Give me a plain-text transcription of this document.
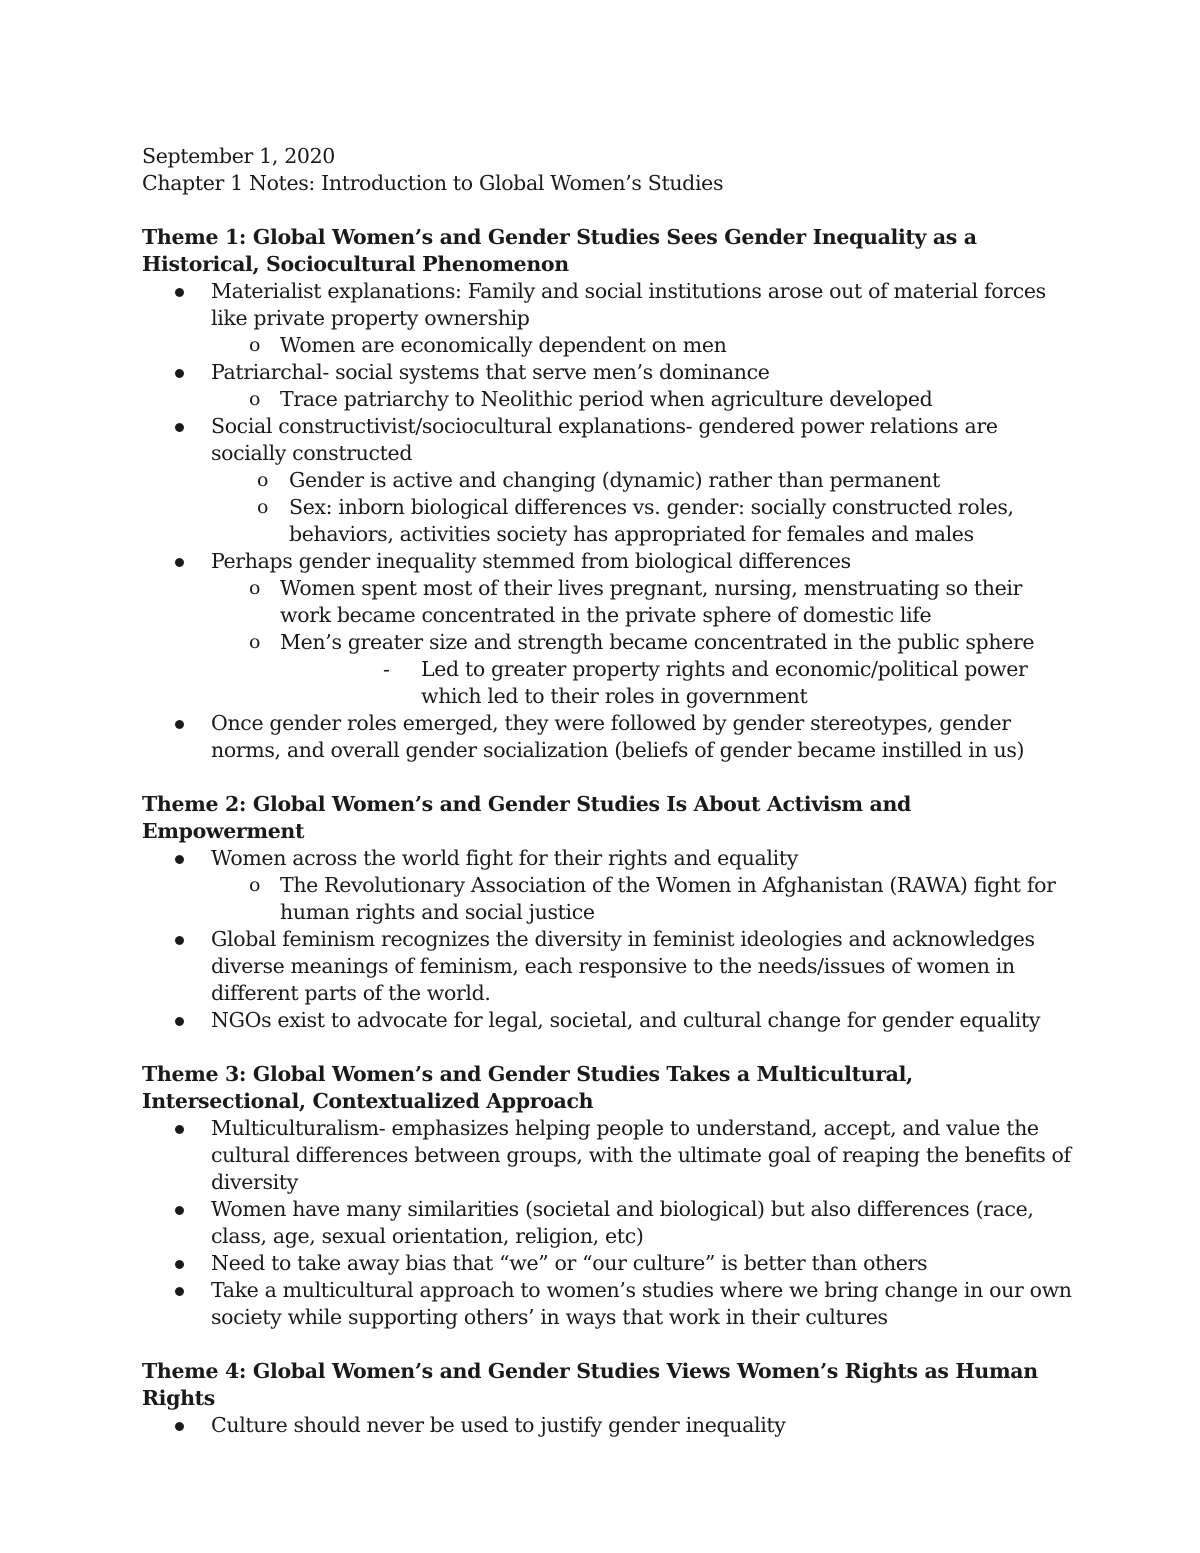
September 1, 2020

Chapter 1 Notes: Introduction to Global Women’s Studies

Theme 1: Global Women’s and Gender Studies Sees Gender Inequality as a Historical, Sociocultural Phenomenon

Materialist explanations: Family and social institutions arose out of material forces like private property ownership
o Women are economically dependent on men
Patriarchal- social systems that serve men’s dominance
o Trace patriarchy to Neolithic period when agriculture developed
Social constructivist/sociocultural explanations- gendered power relations are socially constructed
o Gender is active and changing (dynamic) rather than permanent
o Sex: inborn biological differences vs. gender: socially constructed roles, behaviors, activities society has appropriated for females and males
Perhaps gender inequality stemmed from biological differences
o Women spent most of their lives pregnant, nursing, menstruating so their work became concentrated in the private sphere of domestic life
o Men’s greater size and strength became concentrated in the public sphere
- Led to greater property rights and economic/political power which led to their roles in government
Once gender roles emerged, they were followed by gender stereotypes, gender norms, and overall gender socialization (beliefs of gender became instilled in us)

Theme 2: Global Women’s and Gender Studies Is About Activism and Empowerment

Women across the world fight for their rights and equality
o The Revolutionary Association of the Women in Afghanistan (RAWA) fight for human rights and social justice
Global feminism recognizes the diversity in feminist ideologies and acknowledges diverse meanings of feminism, each responsive to the needs/issues of women in different parts of the world.
NGOs exist to advocate for legal, societal, and cultural change for gender equality

Theme 3: Global Women’s and Gender Studies Takes a Multicultural, Intersectional, Contextualized Approach

Multiculturalism- emphasizes helping people to understand, accept, and value the cultural differences between groups, with the ultimate goal of reaping the benefits of diversity
Women have many similarities (societal and biological) but also differences (race, class, age, sexual orientation, religion, etc)
Need to take away bias that “we” or “our culture” is better than others
Take a multicultural approach to women’s studies where we bring change in our own society while supporting others’ in ways that work in their cultures

Theme 4: Global Women’s and Gender Studies Views Women’s Rights as Human Rights

Culture should never be used to justify gender inequality
